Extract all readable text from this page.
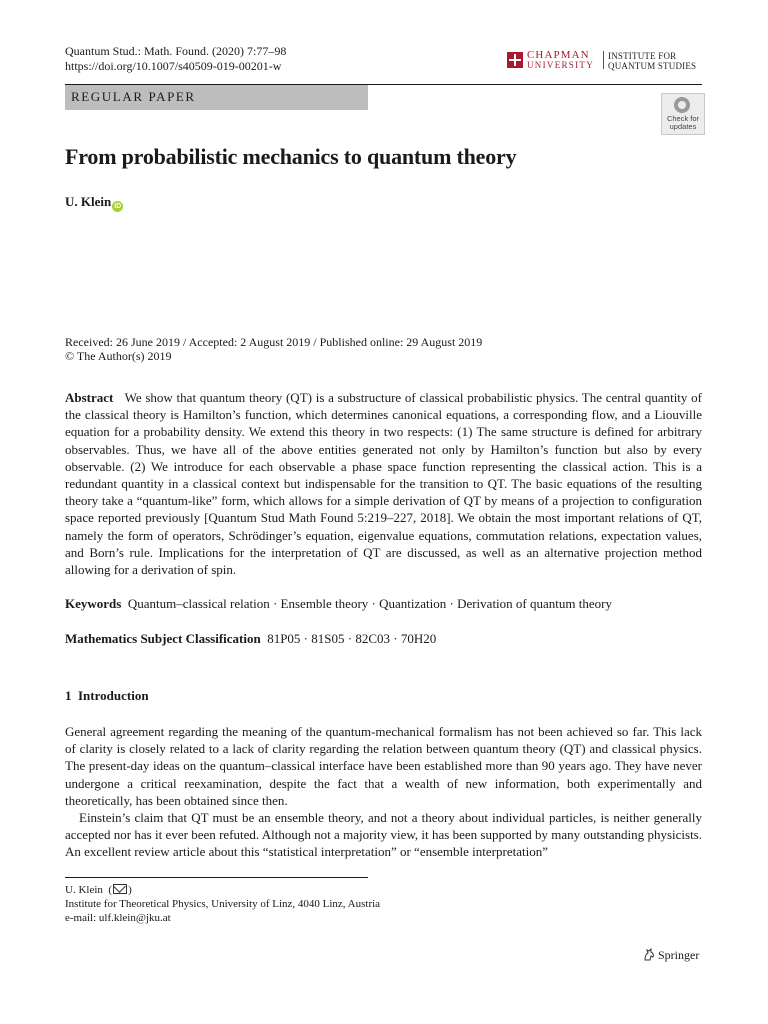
Quantum Stud.: Math. Found. (2020) 7:77–98
https://doi.org/10.1007/s40509-019-00201-w
CHAPMAN
UNIVERSITY
INSTITUTE FOR
QUANTUM STUDIES
REGULAR PAPER
Check for
updates
From probabilistic mechanics to quantum theory
U. Klein iD
Received: 26 June 2019 / Accepted: 2 August 2019 / Published online: 29 August 2019
© The Author(s) 2019
Abstract We show that quantum theory (QT) is a substructure of classical probabilistic physics. The central quantity of the classical theory is Hamilton’s function, which determines canonical equations, a corresponding flow, and a Liouville equation for a probability density. We extend this theory in two respects: (1) The same structure is defined for arbitrary observables. Thus, we have all of the above entities generated not only by Hamilton’s function but also by every observable. (2) We introduce for each observable a phase space function representing the classical action. This is a redundant quantity in a classical context but indispensable for the transition to QT. The basic equations of the resulting theory take a “quantum-like” form, which allows for a simple derivation of QT by means of a projection to configuration space reported previously [Quantum Stud Math Found 5:219–227, 2018]. We obtain the most important relations of QT, namely the form of operators, Schrödinger’s equation, eigenvalue equations, commutation relations, expectation values, and Born’s rule. Implications for the interpretation of QT are discussed, as well as an alternative projection method allowing for a derivation of spin.
Keywords Quantum–classical relation · Ensemble theory · Quantization · Derivation of quantum theory
Mathematics Subject Classification 81P05 · 81S05 · 82C03 · 70H20
1 Introduction
General agreement regarding the meaning of the quantum-mechanical formalism has not been achieved so far. This lack of clarity is closely related to a lack of clarity regarding the relation between quantum theory (QT) and classical physics. The present-day ideas on the quantum–classical interface have been established more than 90 years ago. They have never undergone a critical reexamination, despite the fact that a wealth of new information, both experimentally and theoretically, has been obtained since then.
Einstein’s claim that QT must be an ensemble theory, and not a theory about individual particles, is neither generally accepted nor has it ever been refuted. Although not a majority view, it has been supported by many outstanding physicists. An excellent review article about this “statistical interpretation” or “ensemble interpretation”
U. Klein  ( )
Institute for Theoretical Physics, University of Linz, 4040 Linz, Austria
e-mail: ulf.klein@jku.at
Springer
